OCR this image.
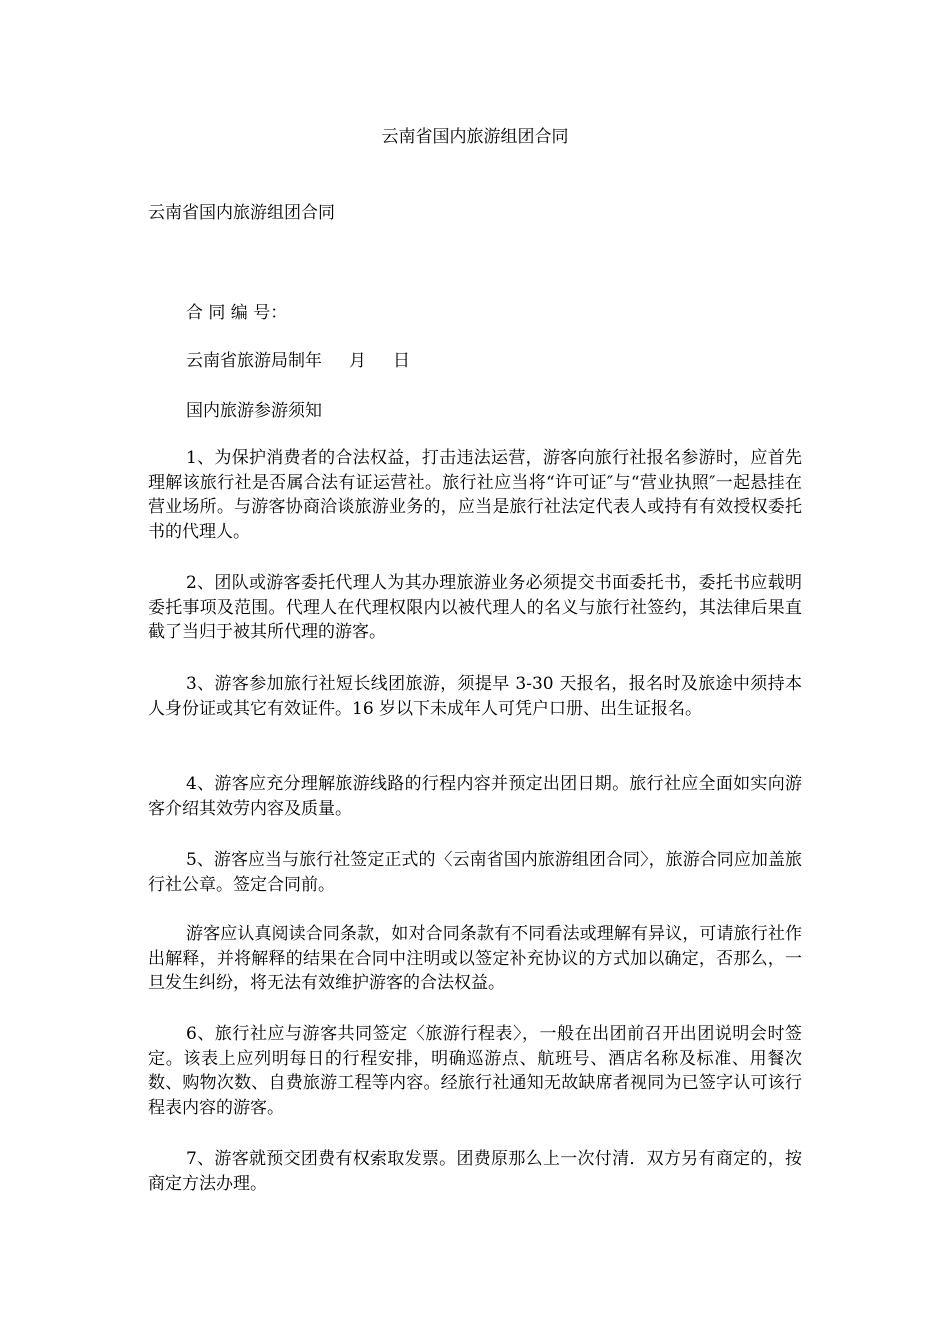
云南省国内旅游组团合同
云南省国内旅游组团合同
合 同 编 号：
云南省旅游局制年     月     日
国内旅游参游须知

1、为保护消费者的合法权益，打击违法运营，游客向旅行社报名参游时，应首先理解该旅行社是否属合法有证运营社。旅行社应当将“许可证″与“营业执照″一起悬挂在营业场所。与游客协商洽谈旅游业务的，应当是旅行社法定代表人或持有有效授权委托书的代理人。

2、团队或游客委托代理人为其办理旅游业务必须提交书面委托书，委托书应载明委托事项及范围。代理人在代理权限内以被代理人的名义与旅行社签约，其法律后果直截了当归于被其所代理的游客。

3、游客参加旅行社短长线团旅游，须提早 3-30 天报名，报名时及旅途中须持本人身份证或其它有效证件。16 岁以下未成年人可凭户口册、出生证报名。

4、游客应充分理解旅游线路的行程内容并预定出团日期。旅行社应全面如实向游客介绍其效劳内容及质量。

5、游客应当与旅行社签定正式的〈云南省国内旅游组团合同〉，旅游合同应加盖旅行社公章。签定合同前。

游客应认真阅读合同条款，如对合同条款有不同看法或理解有异议，可请旅行社作出解释，并将解释的结果在合同中注明或以签定补充协议的方式加以确定，否那么，一旦发生纠纷，将无法有效维护游客的合法权益。

6、旅行社应与游客共同签定〈旅游行程表〉，一般在出团前召开出团说明会时签定。该表上应列明每日的行程安排，明确巡游点、航班号、酒店名称及标准、用餐次数、购物次数、自费旅游工程等内容。经旅行社通知无故缺席者视同为已签字认可该行程表内容的游客。

7、游客就预交团费有权索取发票。团费原那么上一次付清．双方另有商定的，按商定方法办理。
